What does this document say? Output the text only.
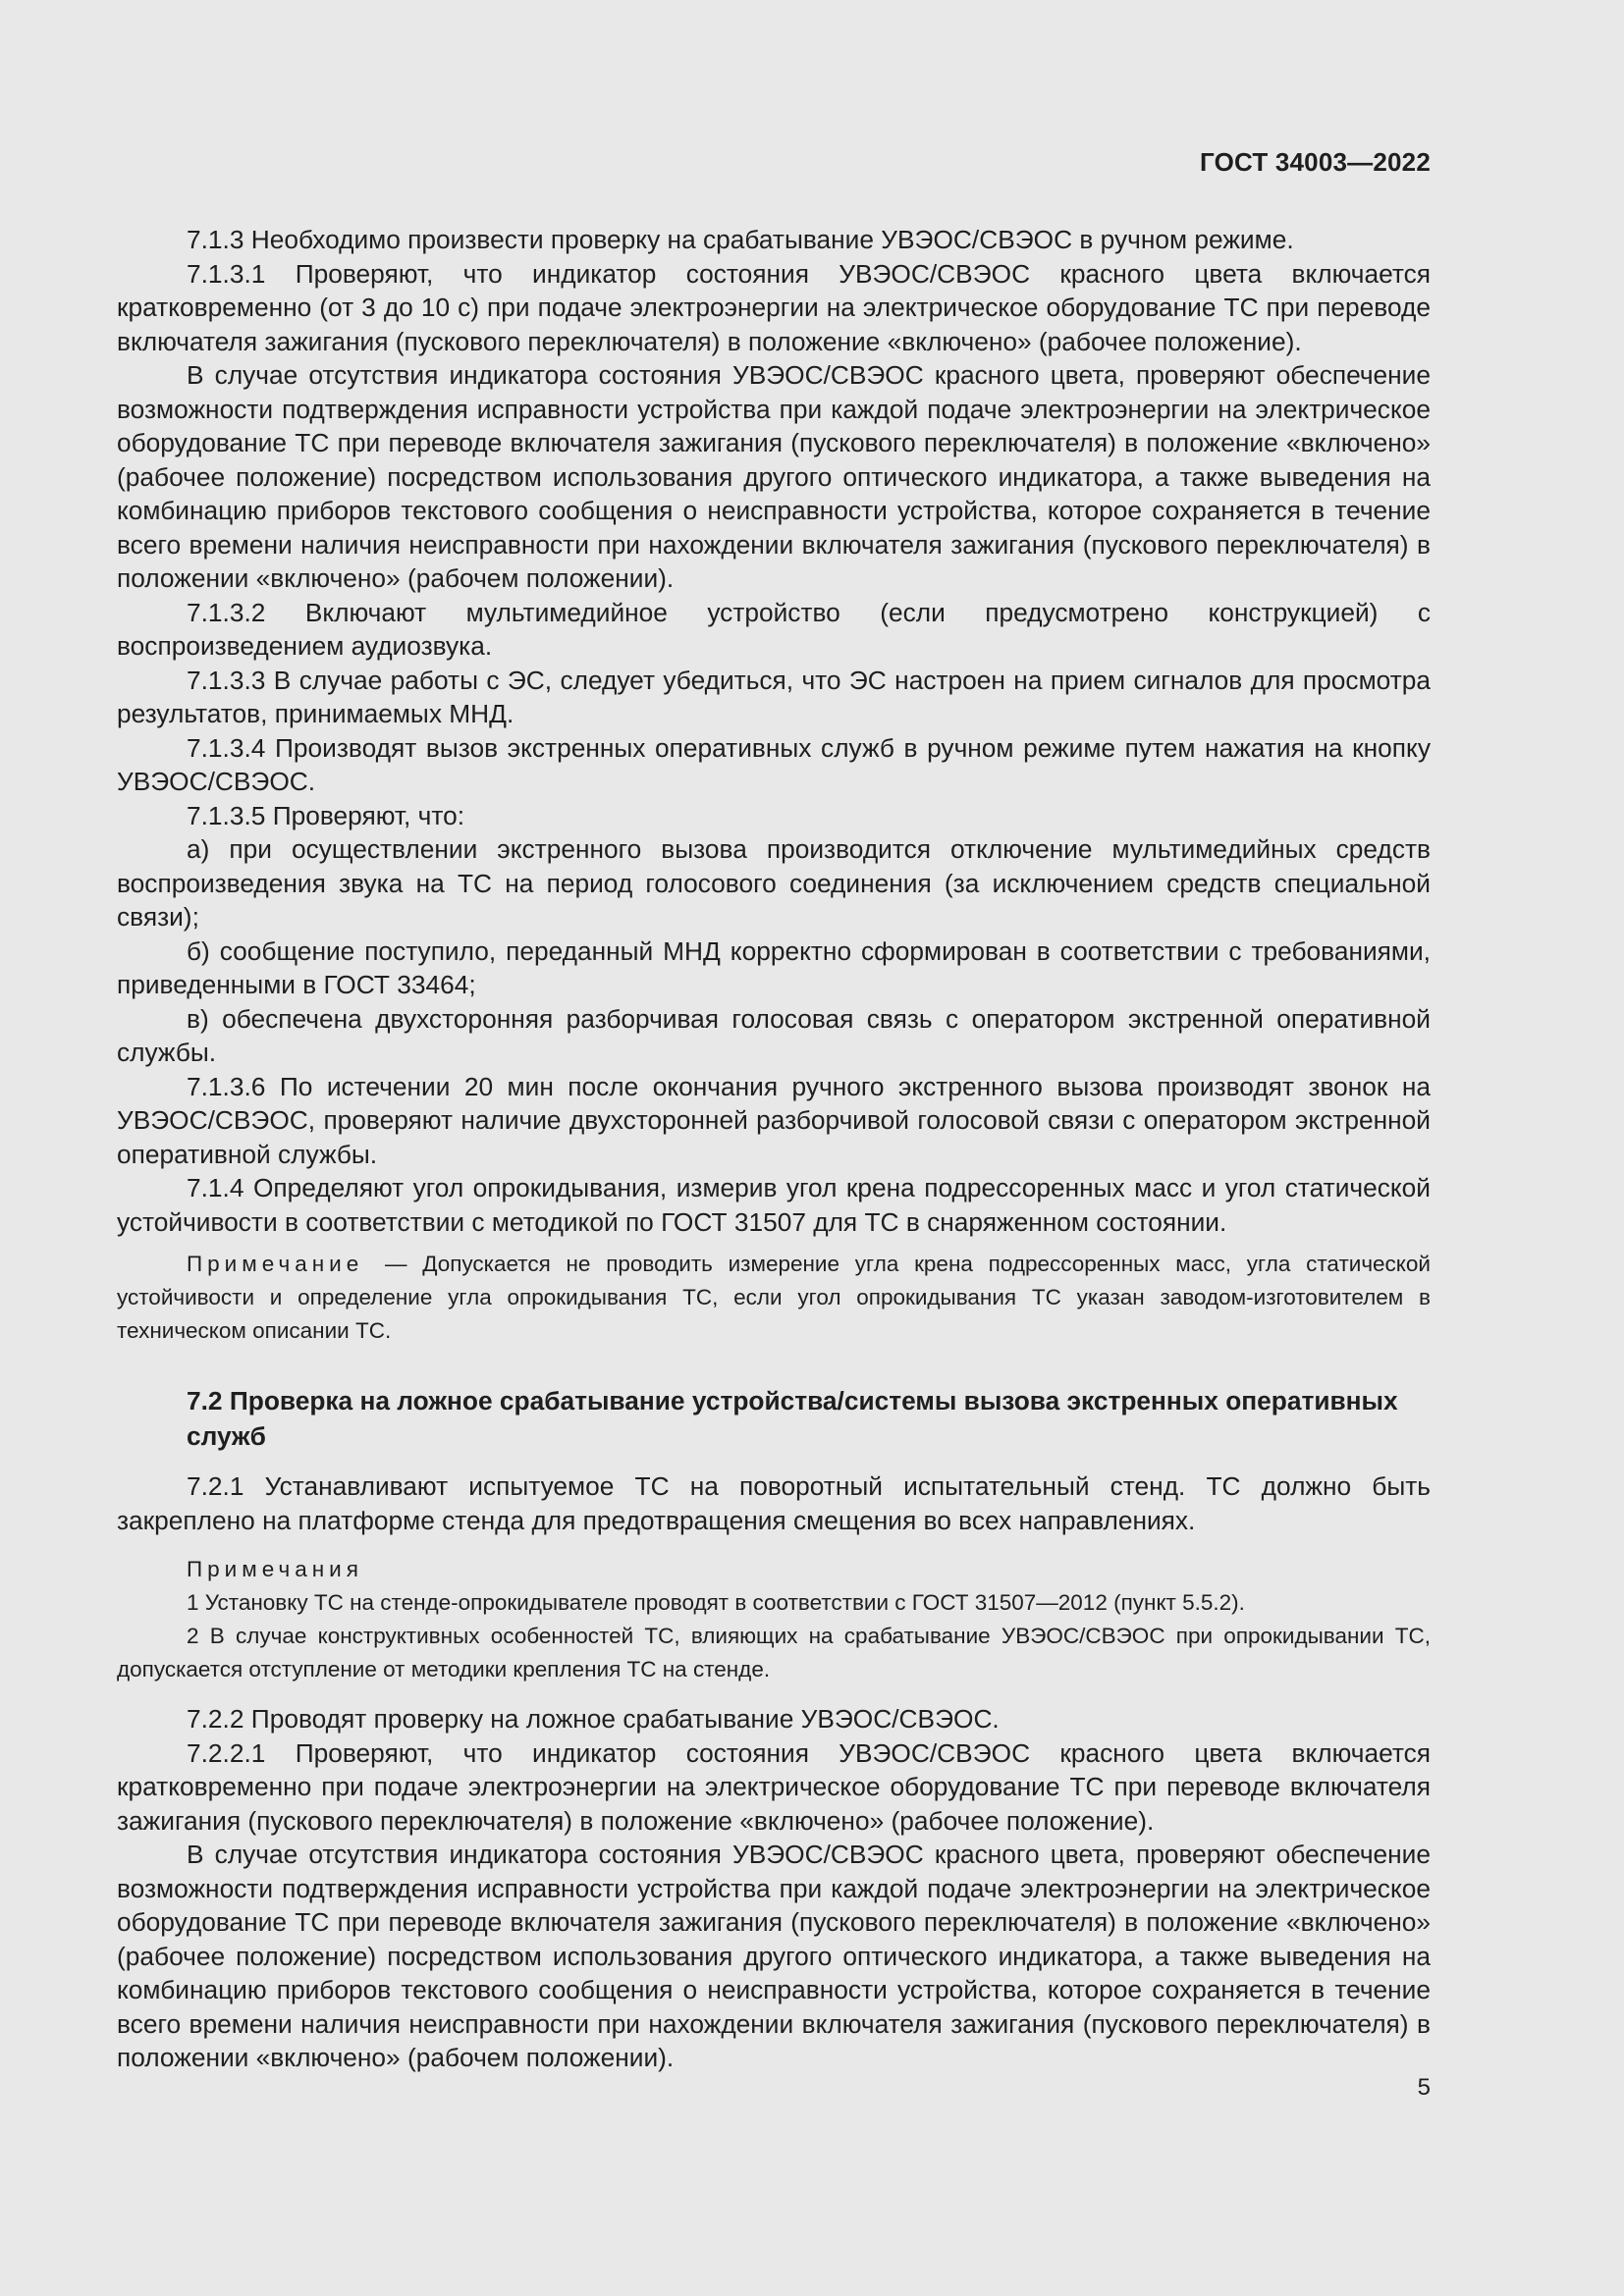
ГОСТ 34003—2022

7.1.3 Необходимо произвести проверку на срабатывание УВЭОС/СВЭОС в ручном режиме.

7.1.3.1 Проверяют, что индикатор состояния УВЭОС/СВЭОС красного цвета включается кратковременно (от 3 до 10 с) при подаче электроэнергии на электрическое оборудование ТС при переводе включателя зажигания (пускового переключателя) в положение «включено» (рабочее положение).

В случае отсутствия индикатора состояния УВЭОС/СВЭОС красного цвета, проверяют обеспечение возможности подтверждения исправности устройства при каждой подаче электроэнергии на электрическое оборудование ТС при переводе включателя зажигания (пускового переключателя) в положение «включено» (рабочее положение) посредством использования другого оптического индикатора, а также выведения на комбинацию приборов текстового сообщения о неисправности устройства, которое сохраняется в течение всего времени наличия неисправности при нахождении включателя зажигания (пускового переключателя) в положении «включено» (рабочем положении).

7.1.3.2 Включают мультимедийное устройство (если предусмотрено конструкцией) с воспроизведением аудиозвука.

7.1.3.3 В случае работы с ЭС, следует убедиться, что ЭС настроен на прием сигналов для просмотра результатов, принимаемых МНД.

7.1.3.4 Производят вызов экстренных оперативных служб в ручном режиме путем нажатия на кнопку УВЭОС/СВЭОС.

7.1.3.5 Проверяют, что:

а) при осуществлении экстренного вызова производится отключение мультимедийных средств воспроизведения звука на ТС на период голосового соединения (за исключением средств специальной связи);

б) сообщение поступило, переданный МНД корректно сформирован в соответствии с требованиями, приведенными в ГОСТ 33464;

в) обеспечена двухсторонняя разборчивая голосовая связь с оператором экстренной оперативной службы.

7.1.3.6 По истечении 20 мин после окончания ручного экстренного вызова производят звонок на УВЭОС/СВЭОС, проверяют наличие двухсторонней разборчивой голосовой связи с оператором экстренной оперативной службы.

7.1.4 Определяют угол опрокидывания, измерив угол крена подрессоренных масс и угол статической устойчивости в соответствии с методикой по ГОСТ 31507 для ТС в снаряженном состоянии.

Примечание — Допускается не проводить измерение угла крена подрессоренных масс, угла статической устойчивости и определение угла опрокидывания ТС, если угол опрокидывания ТС указан заводом-изготовителем в техническом описании ТС.

7.2 Проверка на ложное срабатывание устройства/системы вызова экстренных оперативных служб

7.2.1 Устанавливают испытуемое ТС на поворотный испытательный стенд. ТС должно быть закреплено на платформе стенда для предотвращения смещения во всех направлениях.

Примечания

1 Установку ТС на стенде-опрокидывателе проводят в соответствии с ГОСТ 31507—2012 (пункт 5.5.2).

2 В случае конструктивных особенностей ТС, влияющих на срабатывание УВЭОС/СВЭОС при опрокидывании ТС, допускается отступление от методики крепления ТС на стенде.

7.2.2 Проводят проверку на ложное срабатывание УВЭОС/СВЭОС.

7.2.2.1 Проверяют, что индикатор состояния УВЭОС/СВЭОС красного цвета включается кратковременно при подаче электроэнергии на электрическое оборудование ТС при переводе включателя зажигания (пускового переключателя) в положение «включено» (рабочее положение).

В случае отсутствия индикатора состояния УВЭОС/СВЭОС красного цвета, проверяют обеспечение возможности подтверждения исправности устройства при каждой подаче электроэнергии на электрическое оборудование ТС при переводе включателя зажигания (пускового переключателя) в положение «включено» (рабочее положение) посредством использования другого оптического индикатора, а также выведения на комбинацию приборов текстового сообщения о неисправности устройства, которое сохраняется в течение всего времени наличия неисправности при нахождении включателя зажигания (пускового переключателя) в положении «включено» (рабочем положении).

5
